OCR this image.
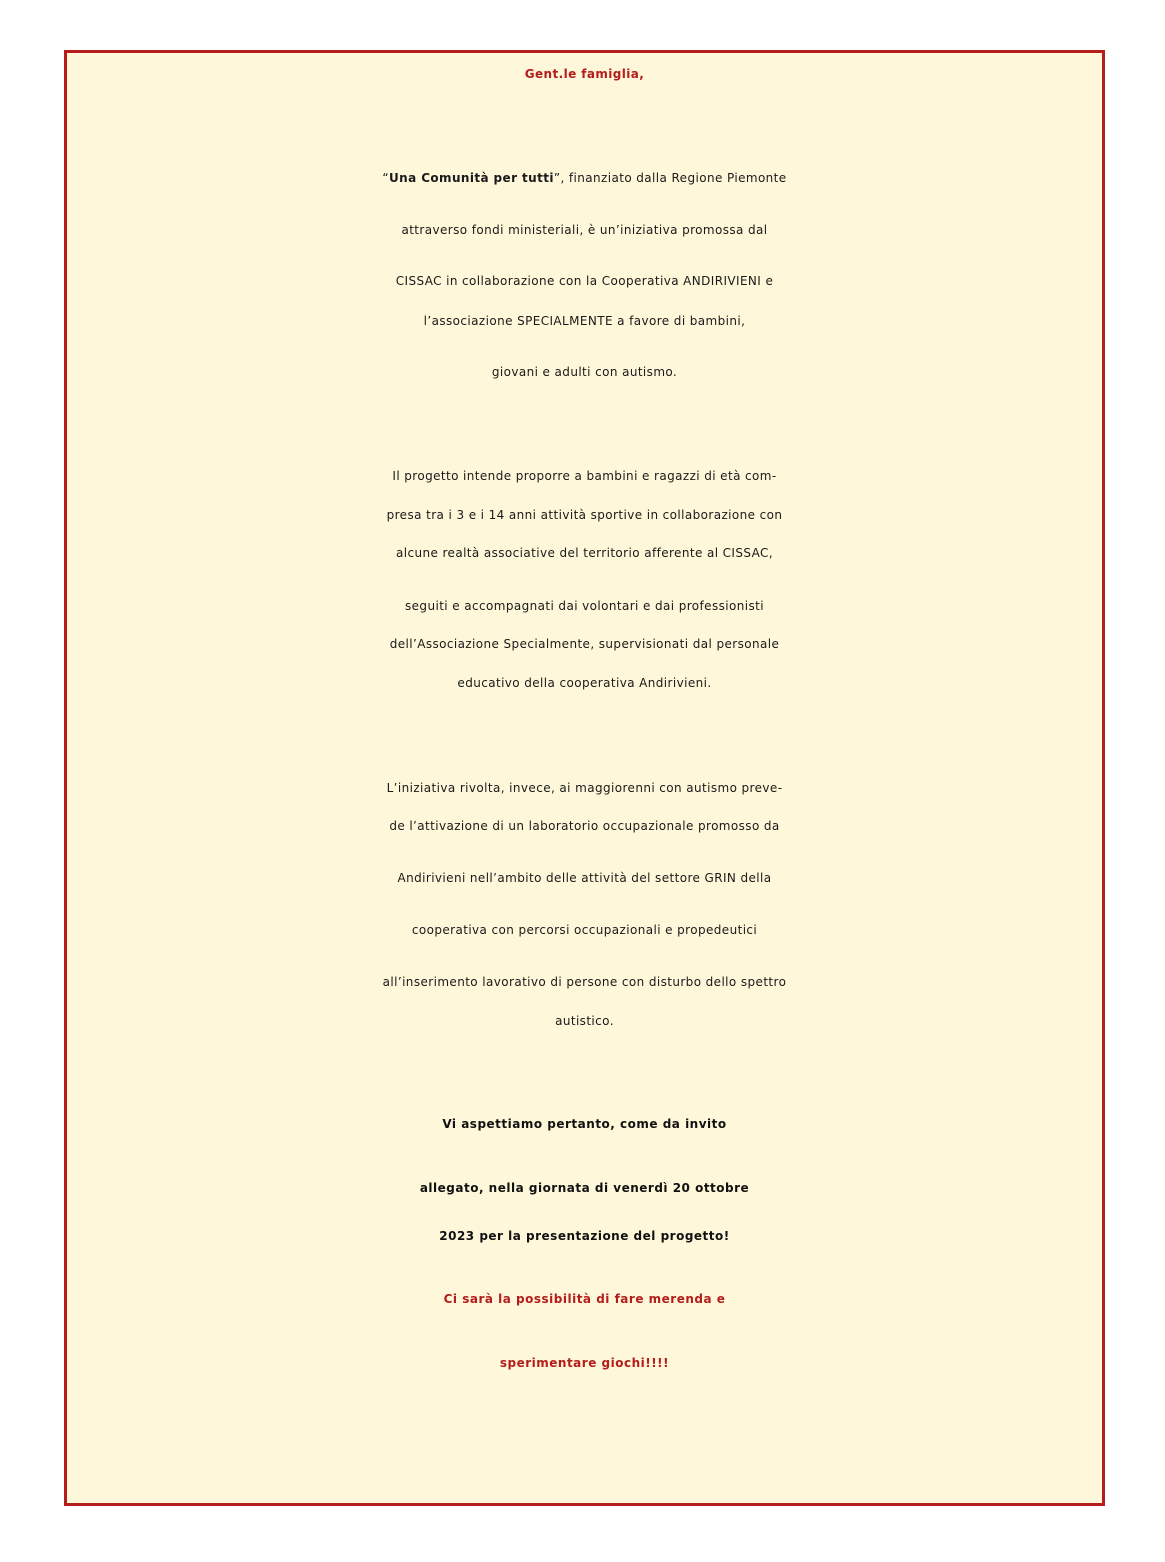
Gent.le famiglia,
“Una Comunità per tutti”, finanziato dalla Regione Piemonte
attraverso fondi ministeriali, è un’iniziativa promossa dal
CISSAC in collaborazione con la Cooperativa ANDIRIVIENI e
l’associazione SPECIALMENTE a favore di bambini,
giovani e adulti con autismo.
Il progetto intende proporre a bambini e ragazzi di età com-
presa tra i 3 e i 14 anni attività sportive in collaborazione con
alcune realtà associative del territorio afferente al CISSAC,
seguiti e accompagnati dai volontari e dai professionisti
dell’Associazione Specialmente, supervisionati dal personale
educativo della cooperativa Andirivieni.
L’iniziativa rivolta, invece, ai maggiorenni con autismo preve-
de l’attivazione di un laboratorio occupazionale promosso da
Andirivieni nell’ambito delle attività del settore GRIN della
cooperativa con percorsi occupazionali e propedeutici
all’inserimento lavorativo di persone con disturbo dello spettro
autistico.
Vi aspettiamo pertanto, come da invito
allegato, nella giornata di venerdì 20 ottobre
2023 per la presentazione del progetto!
Ci sarà la possibilità di fare merenda e
sperimentare giochi!!!!
